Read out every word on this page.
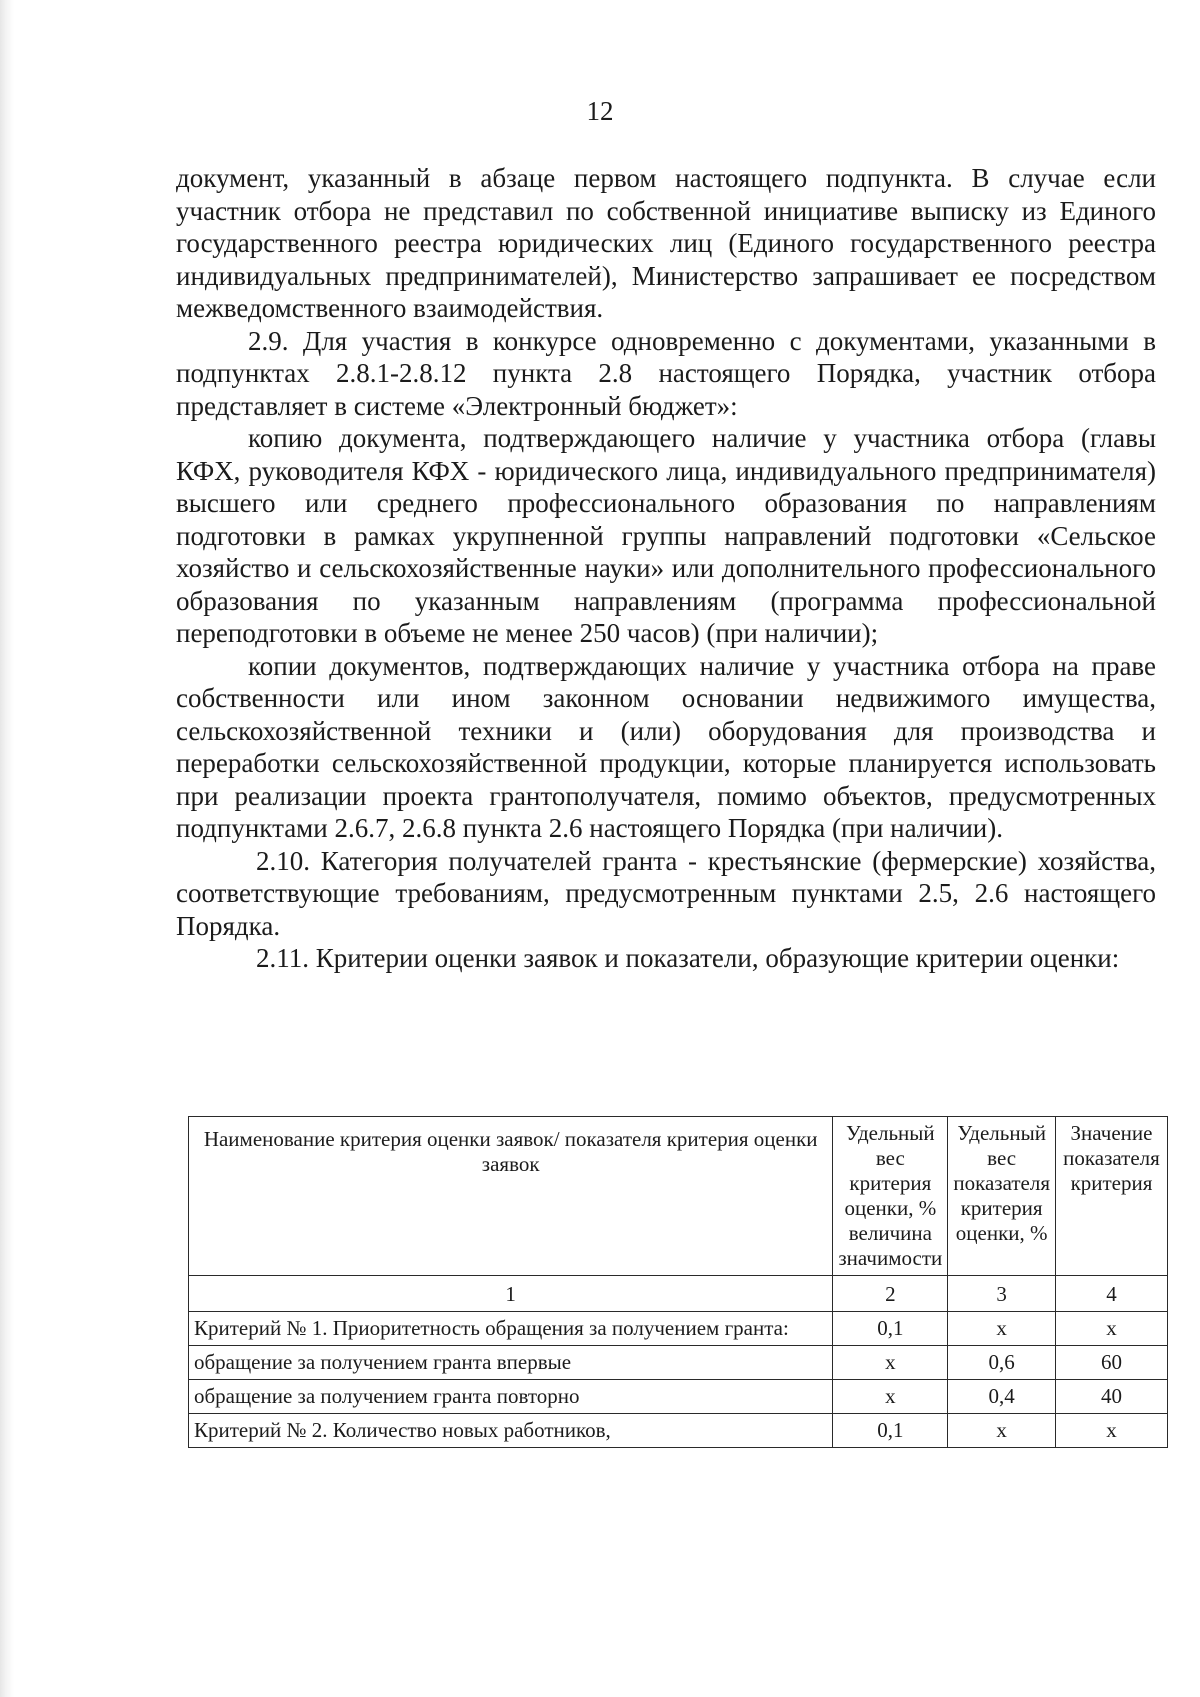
12

документ, указанный в абзаце первом настоящего подпункта. В случае если участник отбора не представил по собственной инициативе выписку из Единого государственного реестра юридических лиц (Единого государственного реестра индивидуальных предпринимателей), Министерство запрашивает ее посредством межведомственного взаимодействия.

2.9. Для участия в конкурсе одновременно с документами, указанными в подпунктах 2.8.1-2.8.12 пункта 2.8 настоящего Порядка, участник отбора представляет в системе «Электронный бюджет»:

копию документа, подтверждающего наличие у участника отбора (главы КФХ, руководителя КФХ - юридического лица, индивидуального предпринимателя) высшего или среднего профессионального образования по направлениям подготовки в рамках укрупненной группы направлений подготовки «Сельское хозяйство и сельскохозяйственные науки» или дополнительного профессионального образования по указанным направлениям (программа профессиональной переподготовки в объеме не менее 250 часов) (при наличии);

копии документов, подтверждающих наличие у участника отбора на праве собственности или ином законном основании недвижимого имущества, сельскохозяйственной техники и (или) оборудования для производства и переработки сельскохозяйственной продукции, которые планируется использовать при реализации проекта грантополучателя, помимо объектов, предусмотренных подпунктами 2.6.7, 2.6.8 пункта 2.6 настоящего Порядка (при наличии).

2.10. Категория получателей гранта - крестьянские (фермерские) хозяйства, соответствующие требованиям, предусмотренным пунктами 2.5, 2.6 настоящего Порядка.

2.11. Критерии оценки заявок и показатели, образующие критерии оценки:

Наименование критерия оценки заявок/ показателя критерия оценки заявок	Удельный вес критерия оценки, % величина значимости	Удельный вес показателя критерия оценки, %	Значение показателя критерия
1	2	3	4
Критерий № 1. Приоритетность обращения за получением гранта:	0,1	х	х
обращение за получением гранта впервые	х	0,6	60
обращение за получением гранта повторно	х	0,4	40
Критерий № 2. Количество новых работников,	0,1	х	х
